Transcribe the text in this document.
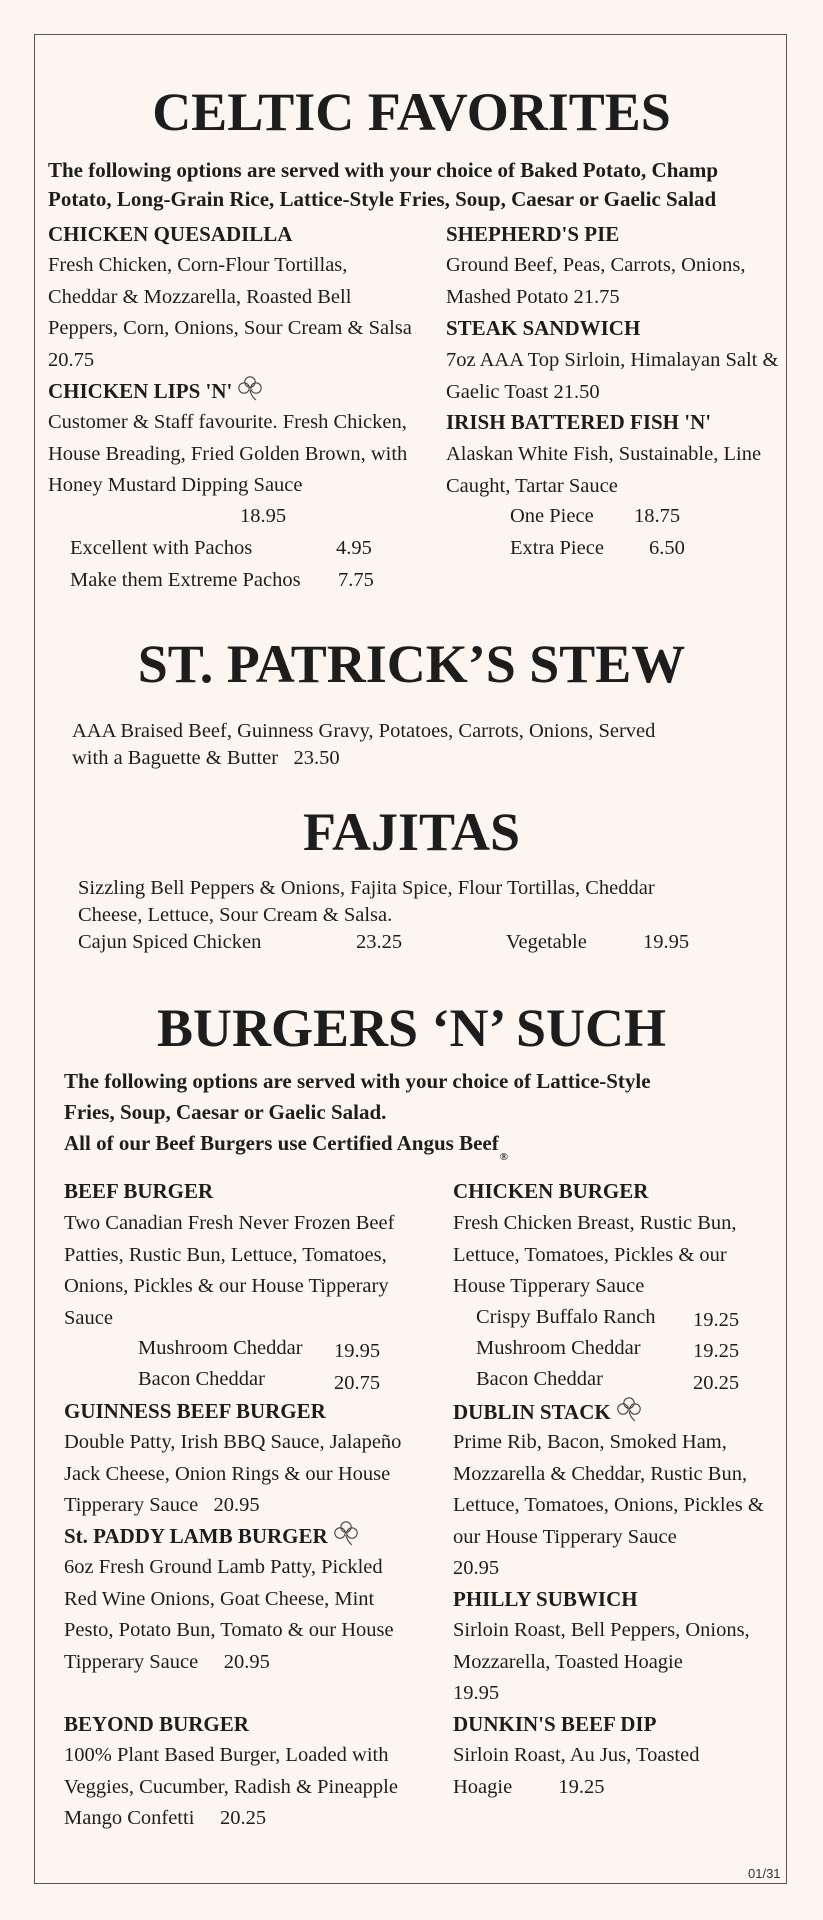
CELTIC FAVORITES
The following options are served with your choice of Baked Potato, Champ
Potato, Long-Grain Rice, Lattice-Style Fries, Soup, Caesar or Gaelic Salad
CHICKEN QUESADILLA
Fresh Chicken, Corn-Flour Tortillas, Cheddar & Mozzarella, Roasted Bell Peppers, Corn, Onions, Sour Cream & Salsa  20.75
CHICKEN LIPS 'N'
Customer & Staff favourite. Fresh Chicken, House Breading, Fried Golden Brown, with Honey Mustard Dipping Sauce
18.95
Excellent with Pachos	4.95
Make them Extreme Pachos 7.75
SHEPHERD'S PIE
Ground Beef, Peas, Carrots, Onions, Mashed Potato 21.75
STEAK SANDWICH
7oz AAA Top Sirloin, Himalayan Salt & Gaelic Toast 21.50
IRISH BATTERED FISH 'N'
Alaskan White Fish, Sustainable, Line Caught, Tartar Sauce
One Piece 18.75
Extra Piece 6.50
ST. PATRICK’S STEW
AAA Braised Beef, Guinness Gravy, Potatoes, Carrots, Onions, Served
with a Baguette & Butter 23.50
FAJITAS
Sizzling Bell Peppers & Onions, Fajita Spice, Flour Tortillas, Cheddar
Cheese, Lettuce, Sour Cream & Salsa.
Cajun Spiced Chicken	23.25	Vegetable	19.95
BURGERS ‘N’ SUCH
The following options are served with your choice of Lattice-Style
Fries, Soup, Caesar or Gaelic Salad.
All of our Beef Burgers use Certified Angus Beef$_®$
BEEF BURGER
Two Canadian Fresh Never Frozen Beef Patties, Rustic Bun, Lettuce, Tomatoes, Onions, Pickles & our House Tipperary Sauce
Mushroom Cheddar 19.95
Bacon Cheddar	20.75
GUINNESS BEEF BURGER
Double Patty, Irish BBQ Sauce, Jalapeño Jack Cheese, Onion Rings & our House Tipperary Sauce 20.95
St. PADDY LAMB BURGER
6oz Fresh Ground Lamb Patty, Pickled Red Wine Onions, Goat Cheese, Mint Pesto, Potato Bun, Tomato & our House Tipperary Sauce 20.95
BEYOND BURGER
100% Plant Based Burger, Loaded with Veggies, Cucumber, Radish & Pineapple Mango Confetti 20.25
CHICKEN BURGER
Fresh Chicken Breast, Rustic Bun, Lettuce, Tomatoes, Pickles & our House Tipperary Sauce
Crispy Buffalo Ranch 19.25
Mushroom Cheddar	19.25
Bacon Cheddar	20.25
DUBLIN STACK
Prime Rib, Bacon, Smoked Ham, Mozzarella & Cheddar, Rustic Bun, Lettuce, Tomatoes, Onions, Pickles & our House Tipperary Sauce          20.95
PHILLY SUBWICH
Sirloin Roast, Bell Peppers, Onions, Mozzarella, Toasted Hoagie         19.95
DUNKIN'S BEEF DIP
Sirloin Roast, Au Jus, Toasted Hoagie 19.25
01/31
